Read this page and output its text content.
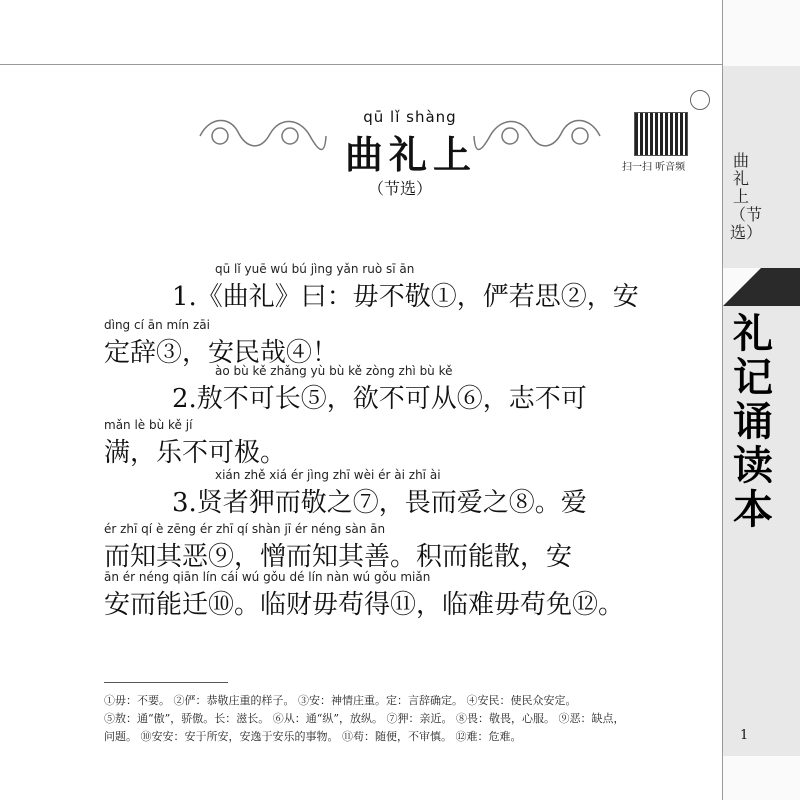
曲礼上（节选）
礼记诵读本
1
qū lǐ shàng
曲礼上
（节选）
扫一扫 听音频
qū lǐ yuē wú bú jìng yǎn ruò sī ān
1.《曲礼》曰：毋不敬①，俨若思②，安
dìng cí ān mín zāi
定辞③，安民哉④！
ào bù kě zhǎng yù bù kě zòng zhì bù kě
2.敖不可长⑤，欲不可从⑥，志不可
mǎn lè bù kě jí
满，乐不可极。
xián zhě xiá ér jìng zhī wèi ér ài zhī ài
3.贤者狎而敬之⑦，畏而爱之⑧。爱
ér zhī qí è zēng ér zhī qí shàn jī ér néng sàn ān
而知其恶⑨，憎而知其善。积而能散，安
ān ér néng qiān lín cái wú gǒu dé lín nàn wú gǒu miǎn
安而能迁⑩。临财毋苟得⑪，临难毋苟免⑫。
①毋：不要。 ②俨：恭敬庄重的样子。 ③安：神情庄重。定：言辞确定。 ④安民：使民众安定。
⑤敖：通“傲”，骄傲。长：滋长。 ⑥从：通“纵”，放纵。 ⑦狎：亲近。 ⑧畏：敬畏，心服。 ⑨恶：缺点，
问题。 ⑩安安：安于所安，安逸于安乐的事物。 ⑪苟：随便，不审慎。 ⑫难：危难。
